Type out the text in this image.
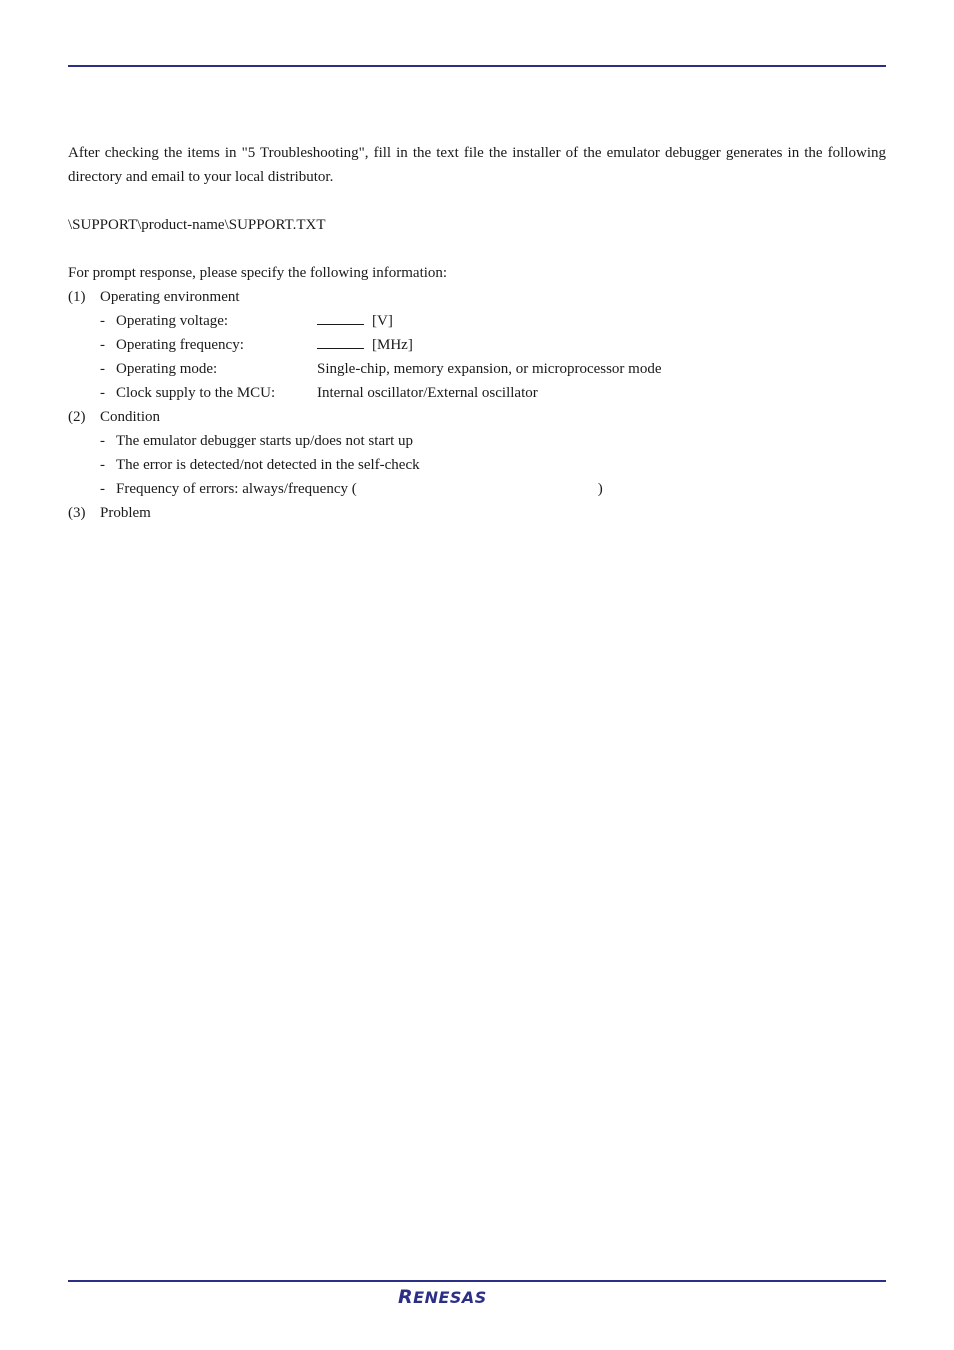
After checking the items in "5 Troubleshooting", fill in the text file the installer of the emulator debugger generates in the following directory and email to your local distributor.

\SUPPORT\product-name\SUPPORT.TXT

For prompt response, please specify the following information:

(1) Operating environment
- Operating voltage:	[V]
- Operating frequency:	[MHz]
- Operating mode:	Single-chip, memory expansion, or microprocessor mode
- Clock supply to the MCU:	Internal oscillator/External oscillator
(2) Condition
- The emulator debugger starts up/does not start up
- The error is detected/not detected in the self-check
- Frequency of errors: always/frequency (	)
(3) Problem
RENESAS
